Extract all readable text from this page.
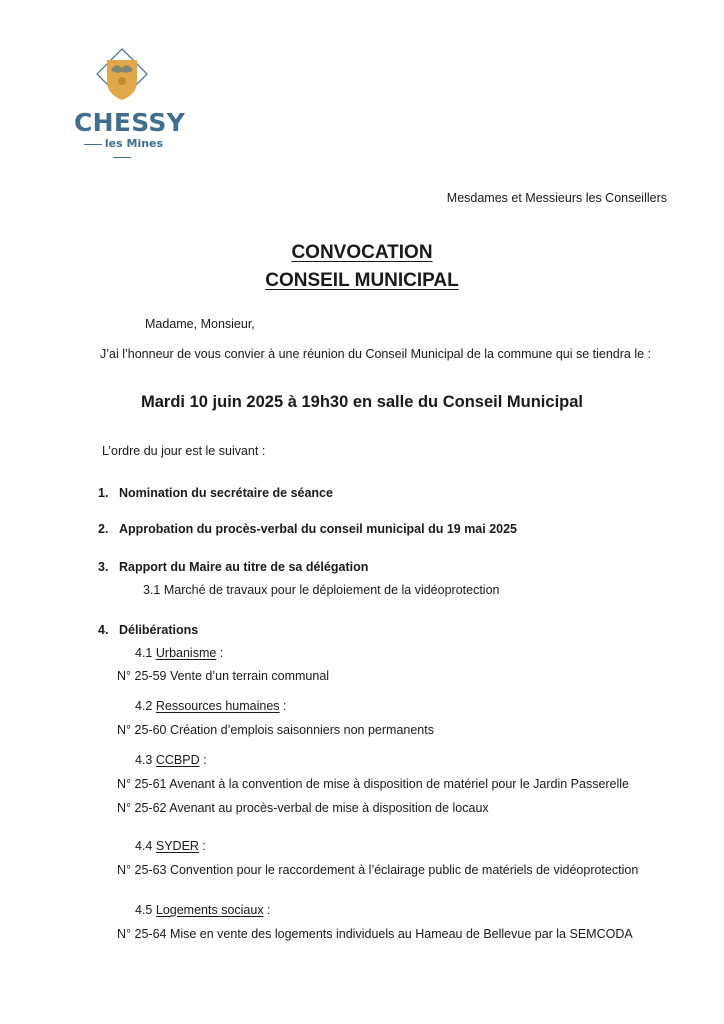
CHESSY
les Mines
Mesdames et Messieurs les Conseillers
CONVOCATION
CONSEIL MUNICIPAL
Madame, Monsieur,
J’ai l’honneur de vous convier à une réunion du Conseil Municipal de la commune qui se tiendra le :
Mardi 10 juin 2025 à 19h30 en salle du Conseil Municipal
L’ordre du jour est le suivant :
1. Nomination du secrétaire de séance
2. Approbation du procès-verbal du conseil municipal du 19 mai 2025
3. Rapport du Maire au titre de sa délégation
3.1 Marché de travaux pour le déploiement de la vidéoprotection
4. Délibérations
4.1 Urbanisme :
N° 25-59 Vente d’un terrain communal
4.2 Ressources humaines :
N° 25-60 Création d’emplois saisonniers non permanents
4.3 CCBPD :
N° 25-61 Avenant à la convention de mise à disposition de matériel pour le Jardin Passerelle
N° 25-62 Avenant au procès-verbal de mise à disposition de locaux
4.4 SYDER :
N° 25-63 Convention pour le raccordement à l’éclairage public de matériels de vidéoprotection
4.5 Logements sociaux :
N° 25-64 Mise en vente des logements individuels au Hameau de Bellevue par la SEMCODA
